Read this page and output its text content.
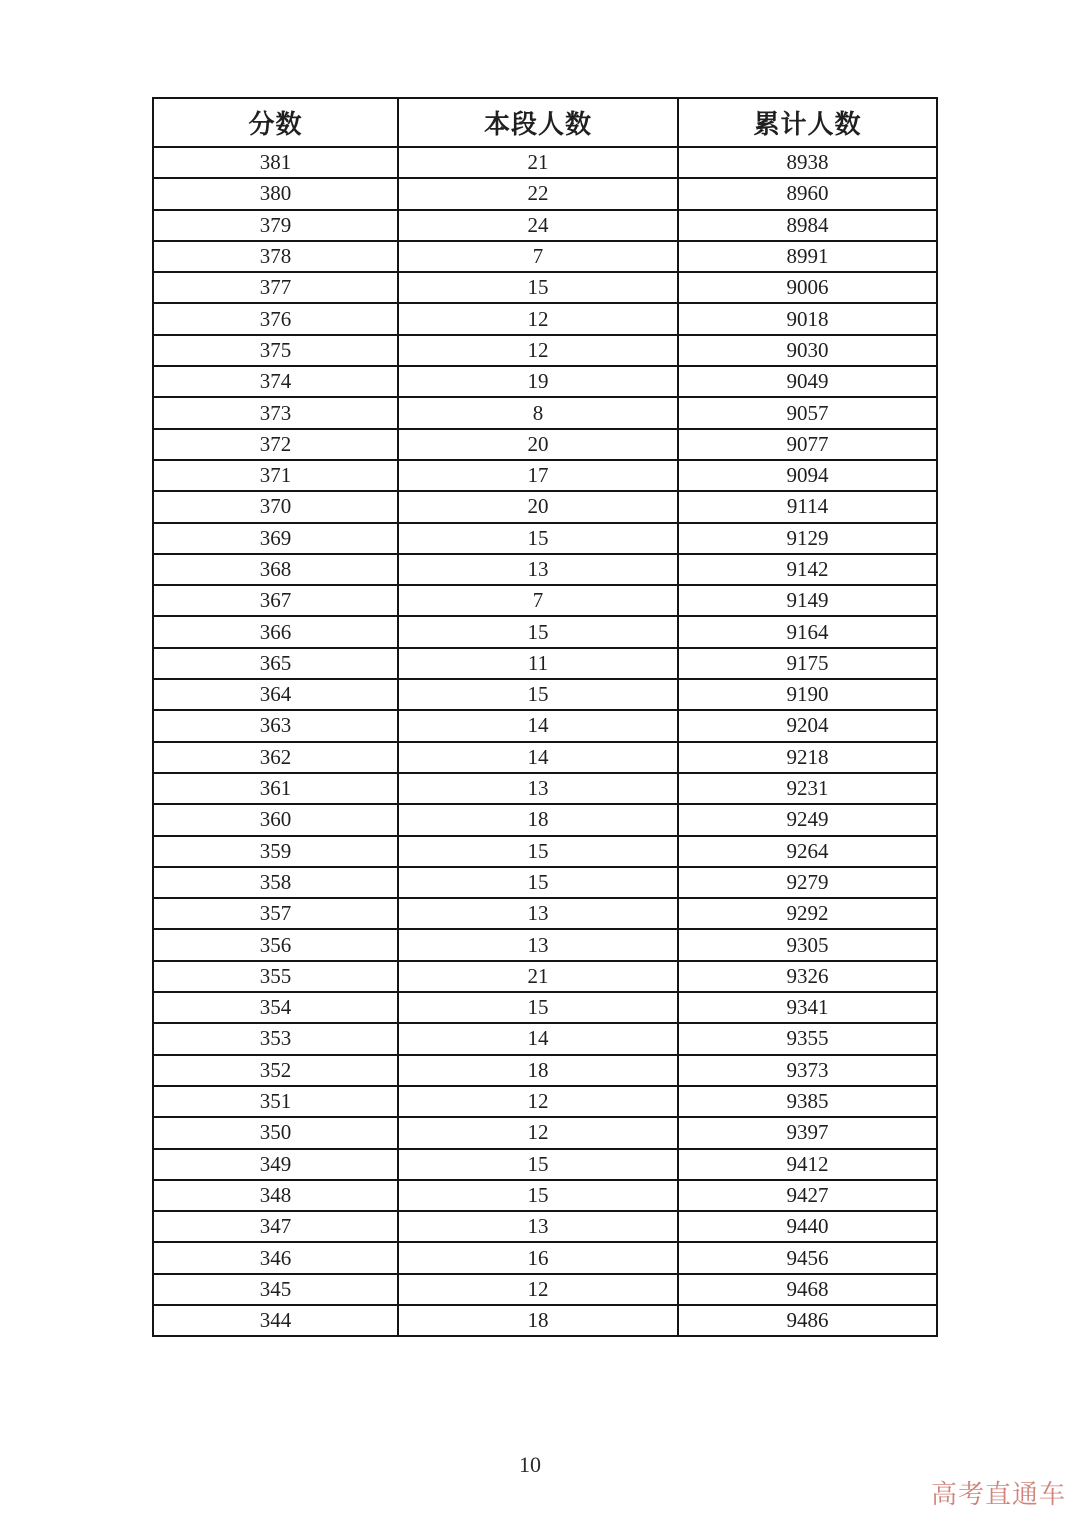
分数	本段人数	累计人数
381	21	8938
380	22	8960
379	24	8984
378	7	8991
377	15	9006
376	12	9018
375	12	9030
374	19	9049
373	8	9057
372	20	9077
371	17	9094
370	20	9114
369	15	9129
368	13	9142
367	7	9149
366	15	9164
365	11	9175
364	15	9190
363	14	9204
362	14	9218
361	13	9231
360	18	9249
359	15	9264
358	15	9279
357	13	9292
356	13	9305
355	21	9326
354	15	9341
353	14	9355
352	18	9373
351	12	9385
350	12	9397
349	15	9412
348	15	9427
347	13	9440
346	16	9456
345	12	9468
344	18	9486
10
高考直通车
